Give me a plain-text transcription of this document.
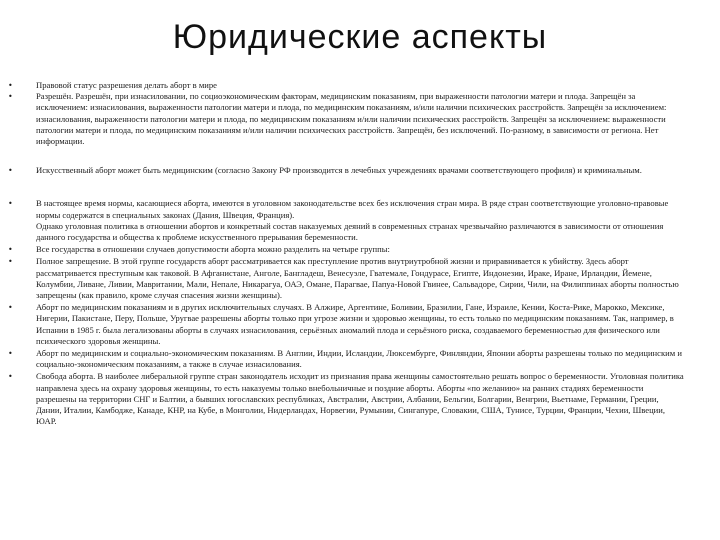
Юридические аспекты

•	Правовой статус разрешения делать аборт в мире

•	Разрешён. Разрешён, при изнасиловании, по социоэкономическим факторам, медицинским показаниям, при выраженности патологии матери и плода. Запрещён за исключением: изнасилования, выраженности патологии матери и плода, по медицинским показаниям, и/или наличии психических расстройств. Запрещён за исключением: изнасилования, выраженности патологии матери и плода, по медицинским показаниям и/или наличии психических расстройств. Запрещён за исключением: выраженности патологии матери и плода, по медицинским показаниям и/или наличии психических расстройств. Запрещён, без исключений. По-разному, в зависимости от региона. Нет информации.

•	Искусственный аборт может быть медицинским (согласно Закону РФ производится в лечебных учреждениях врачами соответствующего профиля) и криминальным.

•	В настоящее время нормы, касающиеся аборта, имеются в уголовном законодательстве всех без исключения стран мира. В ряде стран соответствующие уголовно-правовые нормы содержатся в специальных законах (Дания, Швеция, Франция).

Однако уголовная политика в отношении абортов и конкретный состав наказуемых деяний в современных странах чрезвычайно различаются в зависимости от отношения данного государства и общества к проблеме искусственного прерывания беременности.

•	Все государства в отношении случаев допустимости аборта можно разделить на четыре группы:

•	Полное запрещение. В этой группе государств аборт рассматривается как преступление против внутриутробной жизни и приравнивается к убийству. Здесь аборт рассматривается преступным как таковой. В Афганистане, Анголе, Бангладеш, Венесуэле, Гватемале, Гондурасе, Египте, Индонезии, Ираке, Иране, Ирландии, Йемене, Колумбии, Ливане, Ливии, Мавритании, Мали, Непале, Никарагуа, ОАЭ, Омане, Парагвае, Папуа-Новой Гвинее, Сальвадоре, Сирии, Чили, на Филиппинах аборты полностью запрещены (как правило, кроме случая спасения жизни женщины).

•	Аборт по медицинским показаниям и в других исключительных случаях. В Алжире, Аргентине, Боливии, Бразилии, Гане, Израиле, Кении, Коста-Рике, Марокко, Мексике, Нигерии, Пакистане, Перу, Польше, Уругвае разрешены аборты только при угрозе жизни и здоровью женщины, то есть только по медицинским показаниям. Так, например, в Испании в 1985 г. была легализованы аборты в случаях изнасилования, серьёзных аномалий плода и серьёзного риска, создаваемого беременностью для физического или психического здоровья женщины.

•	Аборт по медицинским и социально-экономическим показаниям. В Англии, Индии, Исландии, Люксембурге, Финляндии, Японии аборты разрешены только по медицинским и социально-экономическим показаниям, а также в случае изнасилования.

•	Свобода аборта. В наиболее либеральной группе стран законодатель исходит из признания права женщины самостоятельно решать вопрос о беременности. Уголовная политика направлена здесь на охрану здоровья женщины, то есть наказуемы только внебольничные и поздние аборты. Аборты «по желанию» на ранних стадиях беременности разрешены на территории СНГ и Балтии, а бывших югославских республиках, Австралии, Австрии, Албании, Бельгии, Болгарии, Венгрии, Вьетнаме, Германии, Греции, Дании, Италии, Камбодже, Канаде, КНР, на Кубе, в Монголии, Нидерландах, Норвегии, Румынии, Сингапуре, Словакии, США, Тунисе, Турции, Франции, Чехии, Швеции, ЮАР.
